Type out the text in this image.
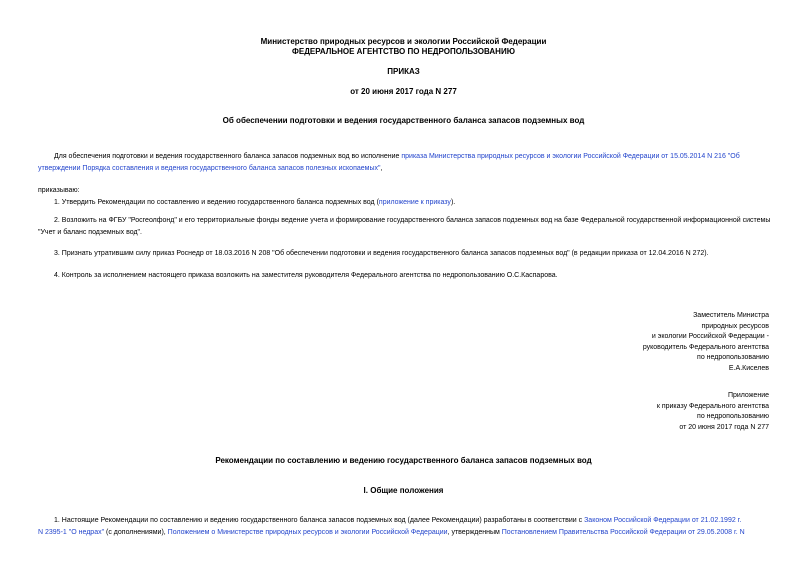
Министерство природных ресурсов и экологии Российской Федерации
ФЕДЕРАЛЬНОЕ АГЕНТСТВО ПО НЕДРОПОЛЬЗОВАНИЮ
ПРИКАЗ
от 20 июня 2017 года N 277
Об обеспечении подготовки и ведения государственного баланса запасов подземных вод
Для обеспечения подготовки и ведения государственного баланса запасов подземных вод во исполнение приказа Министерства природных ресурсов и экологии Российской Федерации от 15.05.2014 N 216 "Об утверждении Порядка составления и ведения государственного баланса запасов полезных ископаемых",
приказываю:
1. Утвердить Рекомендации по составлению и ведению государственного баланса подземных вод (приложение к приказу).
2. Возложить на ФГБУ "Росгеолфонд" и его территориальные фонды ведение учета и формирование государственного баланса запасов подземных вод на базе Федеральной государственной информационной системы "Учет и баланс подземных вод".
3. Признать утратившим силу приказ Роснедр от 18.03.2016 N 208 "Об обеспечении подготовки и ведения государственного баланса запасов подземных вод" (в редакции приказа от 12.04.2016 N 272).
4. Контроль за исполнением настоящего приказа возложить на заместителя руководителя Федерального агентства по недропользованию О.С.Каспарова.
Заместитель Министра
природных ресурсов
и экологии Российской Федерации -
руководитель Федерального агентства
по недропользованию
Е.А.Киселев
Приложение
к приказу Федерального агентства
по недропользованию
от 20 июня 2017 года N 277
Рекомендации по составлению и ведению государственного баланса запасов подземных вод
I. Общие положения
1. Настоящие Рекомендации по составлению и ведению государственного баланса запасов подземных вод (далее Рекомендации) разработаны в соответствии с Законом Российской Федерации от 21.02.1992 г.
N 2395-1 "О недрах" (с дополнениями), Положением о Министерстве природных ресурсов и экологии Российской Федерации, утвержденным Постановлением Правительства Российской Федерации от 29.05.2008 г. N
